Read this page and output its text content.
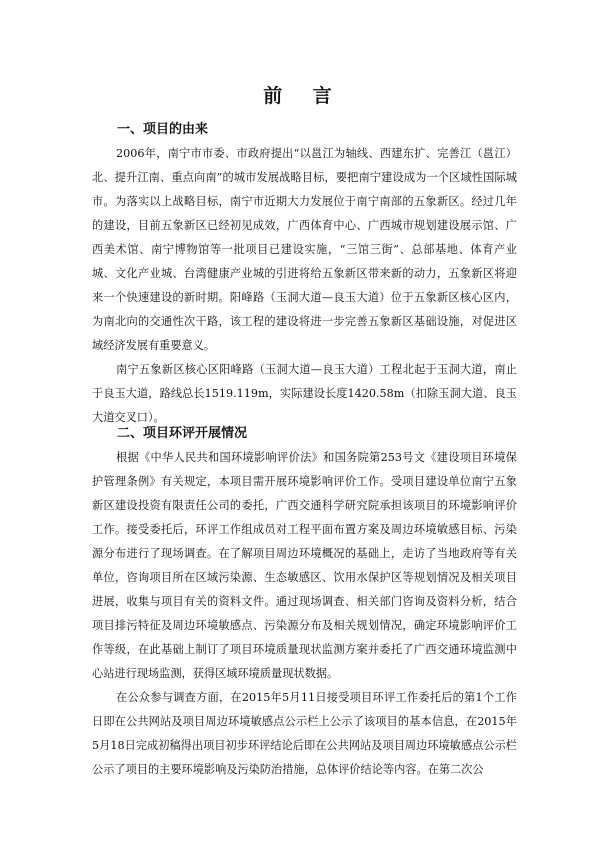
前 言
一、项目的由来

2006年，南宁市市委、市政府提出“以邕江为轴线、西建东扩、完善江（邕江）北、提升江南、重点向南”的城市发展战略目标，要把南宁建设成为一个区域性国际城市。为落实以上战略目标，南宁市近期大力发展位于南宁南部的五象新区。经过几年的建设，目前五象新区已经初见成效，广西体育中心、广西城市规划建设展示馆、广西美术馆、南宁博物馆等一批项目已建设实施，“三馆三街”、总部基地、体育产业城、文化产业城、台湾健康产业城的引进将给五象新区带来新的动力，五象新区将迎来一个快速建设的新时期。阳峰路（玉洞大道—良玉大道）位于五象新区核心区内，为南北向的交通性次干路，该工程的建设将进一步完善五象新区基础设施，对促进区域经济发展有重要意义。

南宁五象新区核心区阳峰路（玉洞大道—良玉大道）工程北起于玉洞大道，南止于良玉大道，路线总长1519.119m，实际建设长度1420.58m（扣除玉洞大道、良玉大道交叉口）。

二、项目环评开展情况

根据《中华人民共和国环境影响评价法》和国务院第253号文《建设项目环境保护管理条例》有关规定，本项目需开展环境影响评价工作。受项目建设单位南宁五象新区建设投资有限责任公司的委托，广西交通科学研究院承担该项目的环境影响评价工作。接受委托后，环评工作组成员对工程平面布置方案及周边环境敏感目标、污染源分布进行了现场调查。在了解项目周边环境概况的基础上，走访了当地政府等有关单位，咨询项目所在区域污染源、生态敏感区、饮用水保护区等规划情况及相关项目进展，收集与项目有关的资料文件。通过现场调查、相关部门咨询及资料分析，结合项目排污特征及周边环境敏感点、污染源分布及相关规划情况，确定环境影响评价工作等级，在此基础上制订了项目环境质量现状监测方案并委托了广西交通环境监测中心站进行现场监测，获得区域环境质量现状数据。

在公众参与调查方面，在2015年5月11日接受项目环评工作委托后的第1个工作日即在公共网站及项目周边环境敏感点公示栏上公示了该项目的基本信息，在2015年5月18日完成初稿得出项目初步环评结论后即在公共网站及项目周边环境敏感点公示栏公示了项目的主要环境影响及污染防治措施，总体评价结论等内容。在第二次公
